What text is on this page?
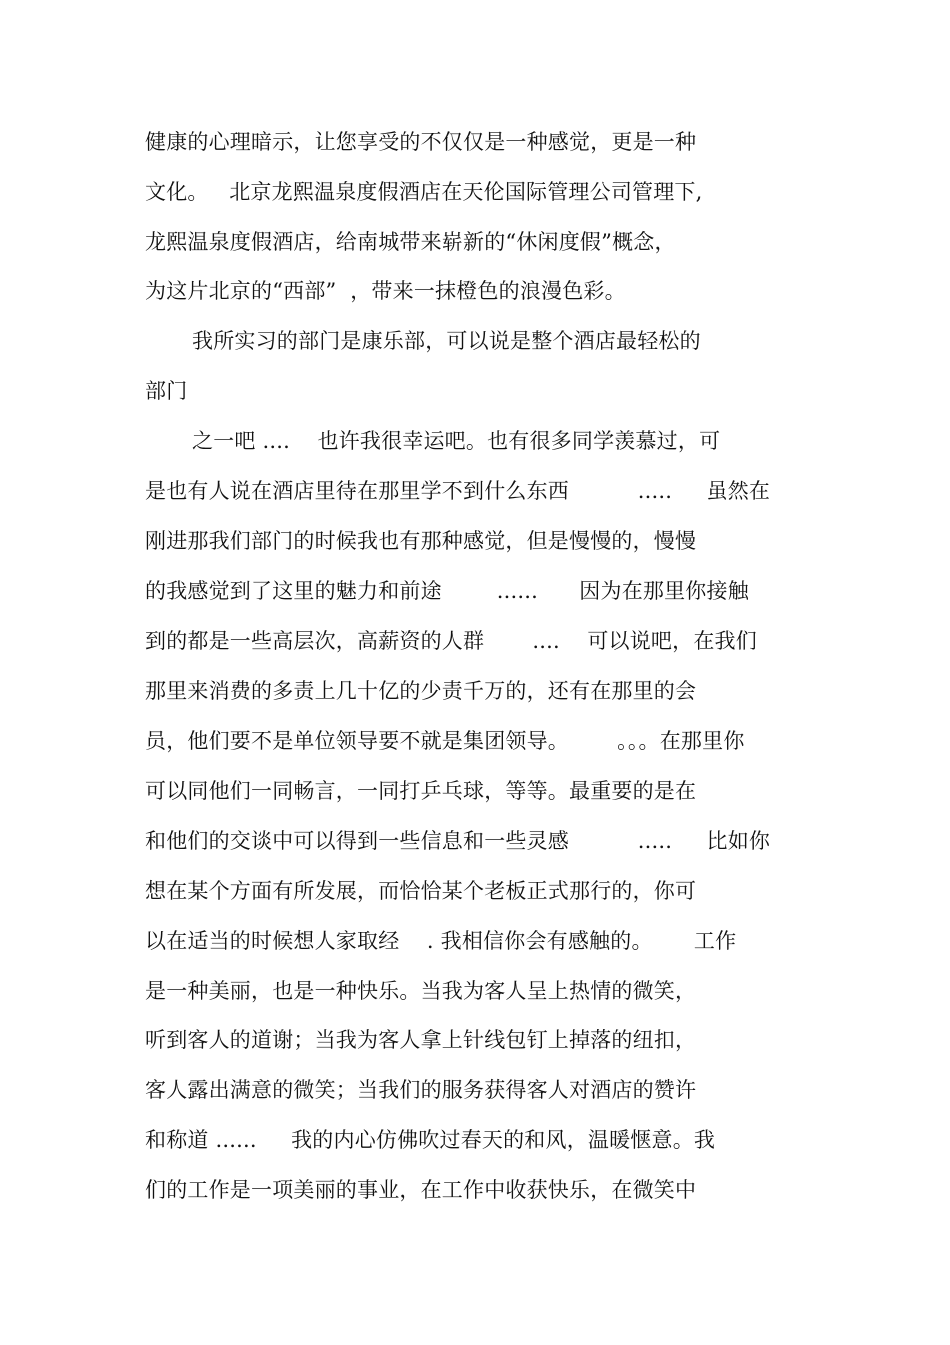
健康的心理暗示，让您享受的不仅仅是一种感觉，更是一种

文化。   北京龙熙温泉度假酒店在天伦国际管理公司管理下,

龙熙温泉度假酒店，给南城带来崭新的“休闲度假”概念，

为这片北京的“西部”  ，带来一抹橙色的浪漫色彩。

我所实习的部门是康乐部，可以说是整个酒店最轻松的

部门

之一吧 ....    也许我很幸运吧。也有很多同学羡慕过，可

是也有人说在酒店里待在那里学不到什么东西          .....     虽然在

刚进那我们部门的时候我也有那种感觉，但是慢慢的，慢慢

的我感觉到了这里的魅力和前途        ......      因为在那里你接触

到的都是一些高层次，高薪资的人群       ....    可以说吧，在我们

那里来消费的多责上几十亿的少责千万的，还有在那里的会

员，他们要不是单位领导要不就是集团领导。       。。。在那里你

可以同他们一同畅言，一同打乒乓球，等等。最重要的是在

和他们的交谈中可以得到一些信息和一些灵感          .....     比如你

想在某个方面有所发展，而恰恰某个老板正式那行的，你可

以在适当的时候想人家取经    . 我相信你会有感触的。      工作

是一种美丽，也是一种快乐。当我为客人呈上热情的微笑，

听到客人的道谢；当我为客人拿上针线包钉上掉落的纽扣，

客人露出满意的微笑；当我们的服务获得客人对酒店的赞许

和称道 ......     我的内心仿佛吹过春天的和风，温暖惬意。我

们的工作是一项美丽的事业，在工作中收获快乐，在微笑中
